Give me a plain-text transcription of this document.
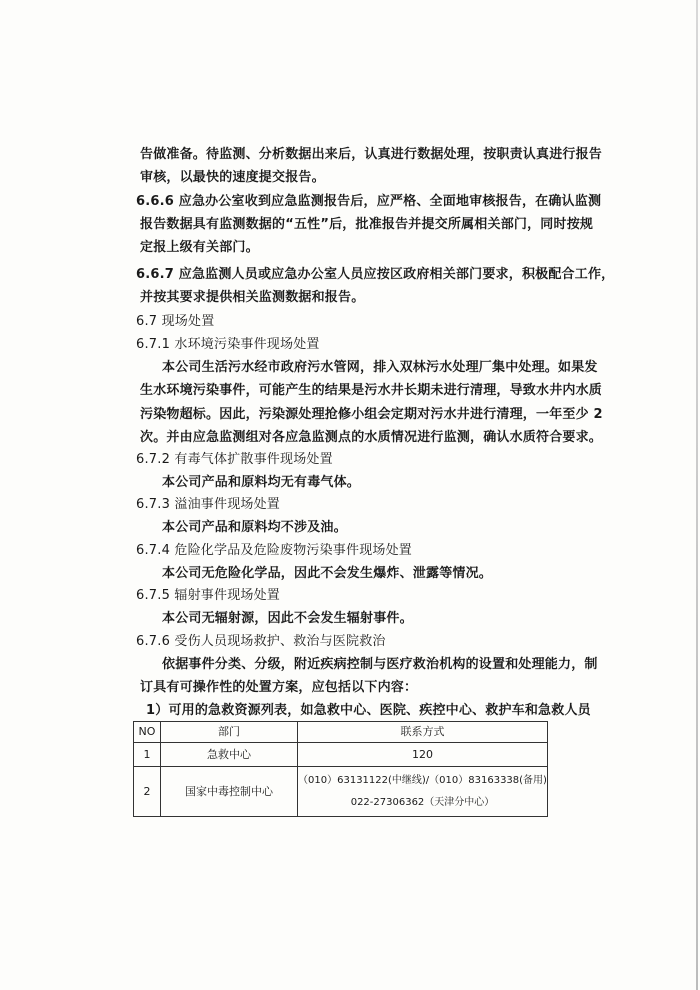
告做准备。待监测、分析数据出来后，认真进行数据处理，按职责认真进行报告
审核，以最快的速度提交报告。
6.6.6 应急办公室收到应急监测报告后，应严格、全面地审核报告，在确认监测
报告数据具有监测数据的“五性”后，批准报告并提交所属相关部门，同时按规
定报上级有关部门。
6.6.7 应急监测人员或应急办公室人员应按区政府相关部门要求，积极配合工作，
并按其要求提供相关监测数据和报告。
6.7 现场处置
6.7.1 水环境污染事件现场处置
本公司生活污水经市政府污水管网，排入双林污水处理厂集中处理。如果发
生水环境污染事件，可能产生的结果是污水井长期未进行清理，导致水井内水质
污染物超标。因此，污染源处理抢修小组会定期对污水井进行清理，一年至少 2
次。并由应急监测组对各应急监测点的水质情况进行监测，确认水质符合要求。
6.7.2 有毒气体扩散事件现场处置
本公司产品和原料均无有毒气体。
6.7.3 溢油事件现场处置
本公司产品和原料均不涉及油。
6.7.4 危险化学品及危险废物污染事件现场处置
本公司无危险化学品，因此不会发生爆炸、泄露等情况。
6.7.5 辐射事件现场处置
本公司无辐射源，因此不会发生辐射事件。
6.7.6 受伤人员现场救护、救治与医院救治
依据事件分类、分级，附近疾病控制与医疗救治机构的设置和处理能力，制
订具有可操作性的处置方案，应包括以下内容：
1）可用的急救资源列表，如急救中心、医院、疾控中心、救护车和急救人员
NO	部门	联系方式
1	急救中心	120
2	国家中毒控制中心	（010）63131122(中继线)/（010）83163338(备用)
022-27306362（天津分中心）
